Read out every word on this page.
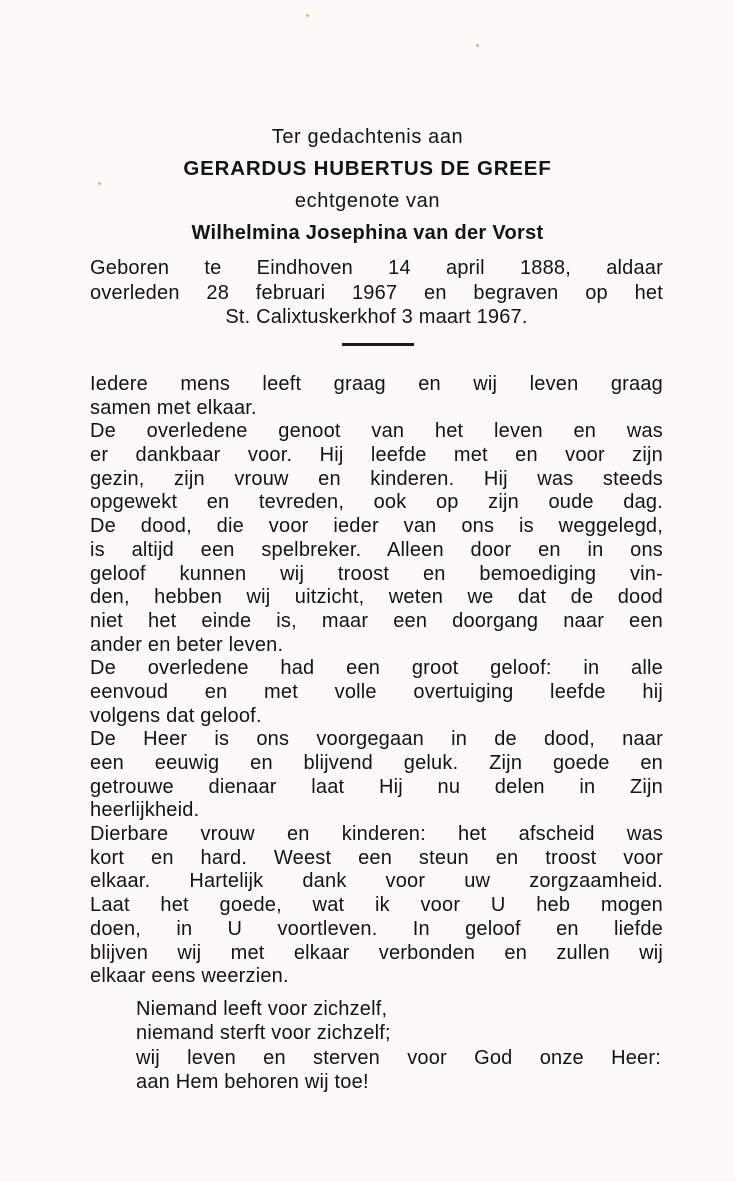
Ter gedachtenis aan
GERARDUS HUBERTUS DE GREEF
echtgenote van
Wilhelmina Josephina van der Vorst
Geboren te Eindhoven 14 april 1888, aldaar
overleden 28 februari 1967 en begraven op het
St. Calixtuskerkhof 3 maart 1967.
Iedere mens leeft graag en wij leven graag
samen met elkaar.
De overledene genoot van het leven en was
er dankbaar voor. Hij leefde met en voor zijn
gezin, zijn vrouw en kinderen. Hij was steeds
opgewekt en tevreden, ook op zijn oude dag.
De dood, die voor ieder van ons is weggelegd,
is altijd een spelbreker. Alleen door en in ons
geloof kunnen wij troost en bemoediging vin-
den, hebben wij uitzicht, weten we dat de dood
niet het einde is, maar een doorgang naar een
ander en beter leven.
De overledene had een groot geloof: in alle
eenvoud en met volle overtuiging leefde hij
volgens dat geloof.
De Heer is ons voorgegaan in de dood, naar
een eeuwig en blijvend geluk. Zijn goede en
getrouwe dienaar laat Hij nu delen in Zijn
heerlijkheid.
Dierbare vrouw en kinderen: het afscheid was
kort en hard. Weest een steun en troost voor
elkaar. Hartelijk dank voor uw zorgzaamheid.
Laat het goede, wat ik voor U heb mogen
doen, in U voortleven. In geloof en liefde
blijven wij met elkaar verbonden en zullen wij
elkaar eens weerzien.
Niemand leeft voor zichzelf,
niemand sterft voor zichzelf;
wij leven en sterven voor God onze Heer:
aan Hem behoren wij toe!
